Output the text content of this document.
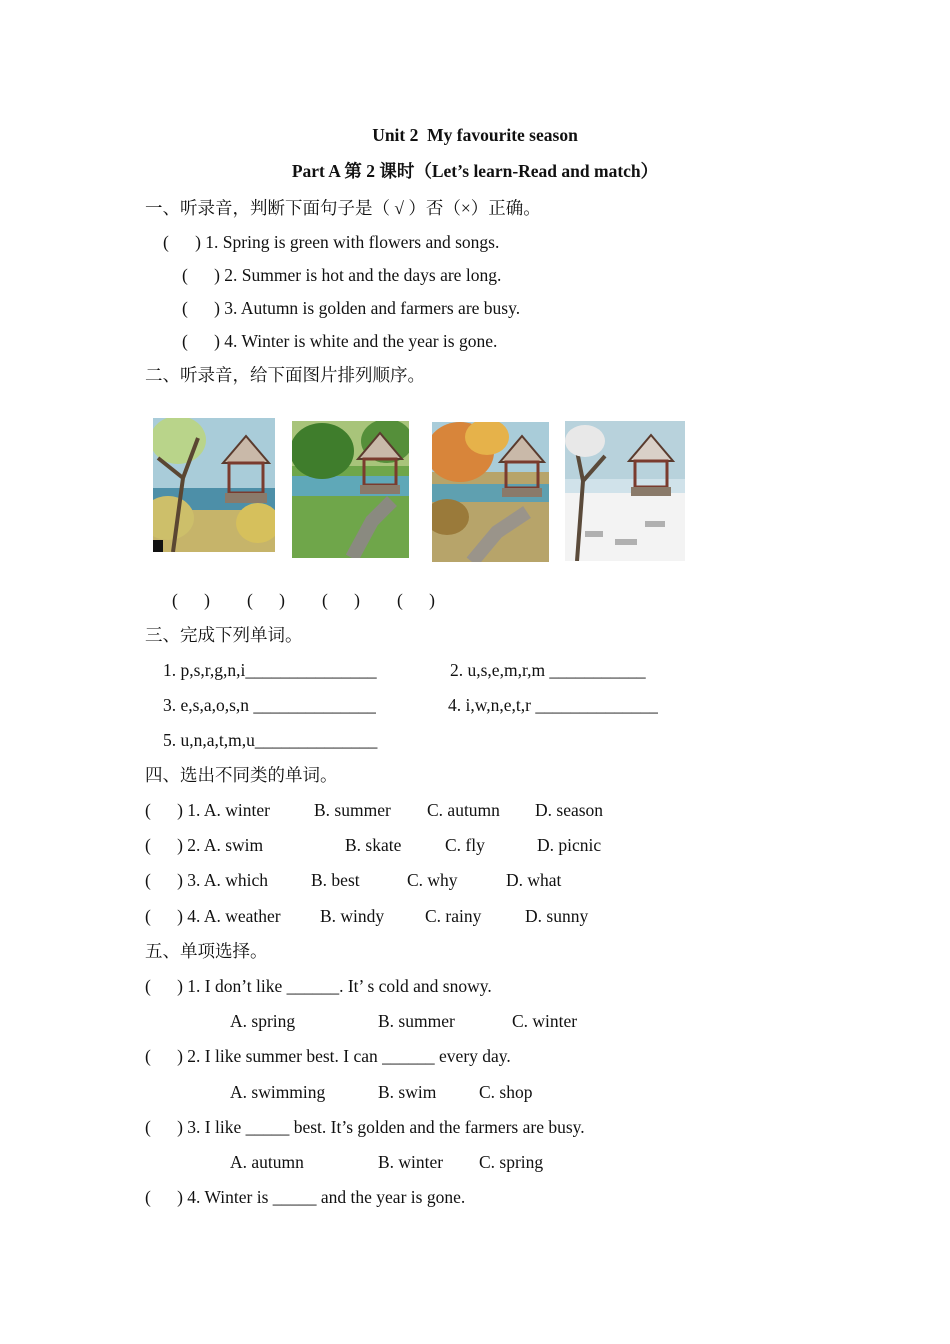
Unit 2  My favourite season
Part A 第 2 课时（Let’s learn-Read and match）
一、听录音，判断下面句子是（ √ ）否（×）正确。
(      ) 1. Spring is green with flowers and songs.
(      ) 2. Summer is hot and the days are long.
(      ) 3. Autumn is golden and farmers are busy.
(      ) 4. Winter is white and the year is gone.
二、听录音，给下面图片排列顺序。
(      ) (      ) (      ) (      )
三、完成下列单词。
1. p,s,r,g,n,i_______________	2. u,s,e,m,r,m ___________
3. e,s,a,o,s,n ______________	4. i,w,n,e,t,r ______________
5. u,n,a,t,m,u______________
四、选出不同类的单词。
(      ) 1. A. winter	B. summer C. autumn D. season
(      ) 2. A. swim	B. skate C. fly	D. picnic
(      ) 3. A. which B. best	C. why	D. what
(      ) 4. A. weather B. windy C. rainy D. sunny
五、单项选择。
(      ) 1. I don’t like ______. It’ s cold and snowy.
A. spring	B. summer	C. winter
(      ) 2. I like summer best. I can ______ every day.
A. swimming	B. swim C. shop
(      ) 3. I like _____ best. It’s golden and the farmers are busy.
A. autumn	B. winter C. spring
(      ) 4. Winter is _____ and the year is gone.
